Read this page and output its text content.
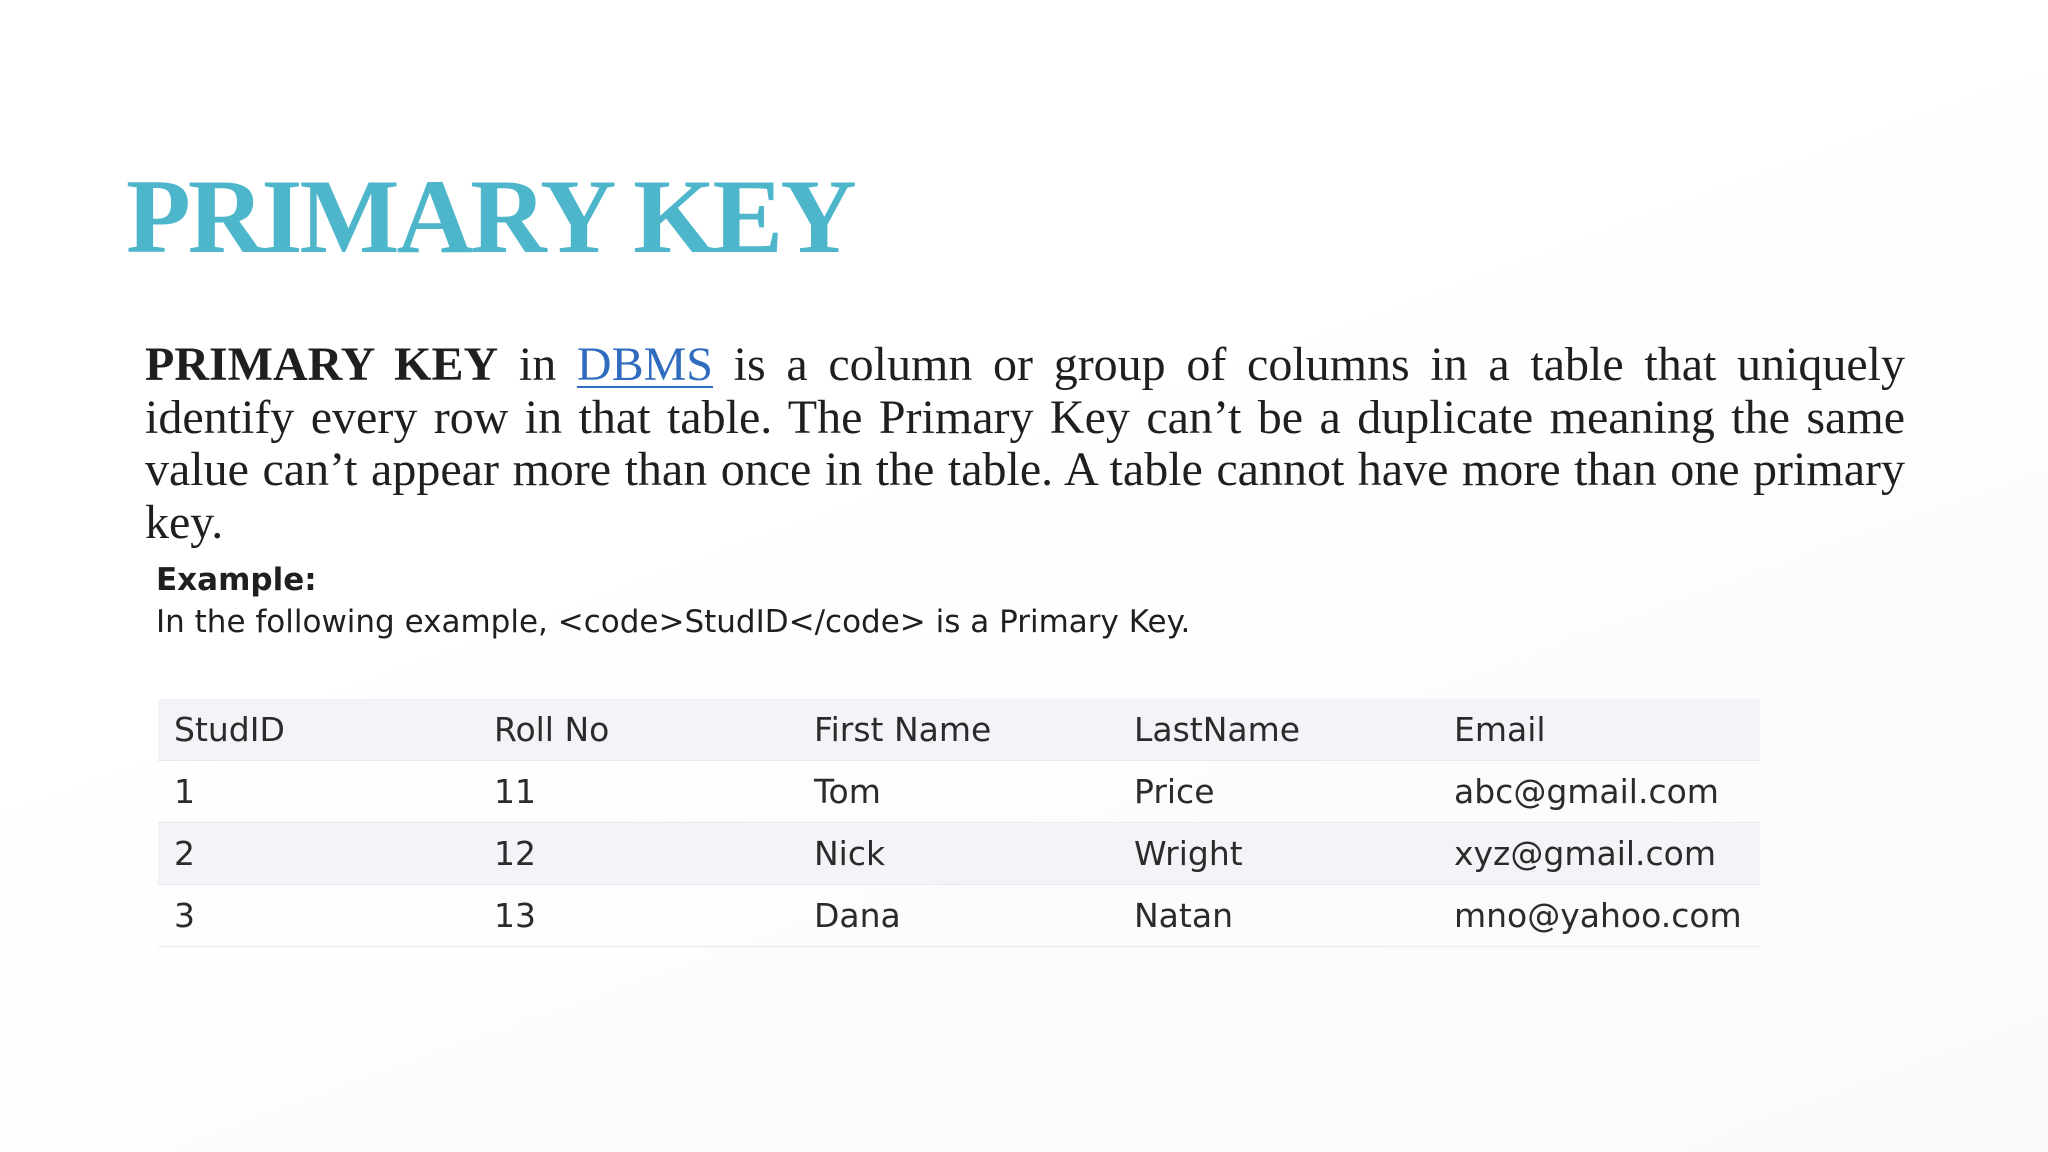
PRIMARY KEY

PRIMARY KEY in DBMS is a column or group of columns in a table that uniquely identify every row in that table. The Primary Key can’t be a duplicate meaning the same value can’t appear more than once in the table. A table cannot have more than one primary key.

Example:

In the following example, <code>StudID</code> is a Primary Key.

StudID	Roll No	First Name	LastName	Email
1	11	Tom	Price	abc@gmail.com
2	12	Nick	Wright	xyz@gmail.com
3	13	Dana	Natan	mno@yahoo.com
